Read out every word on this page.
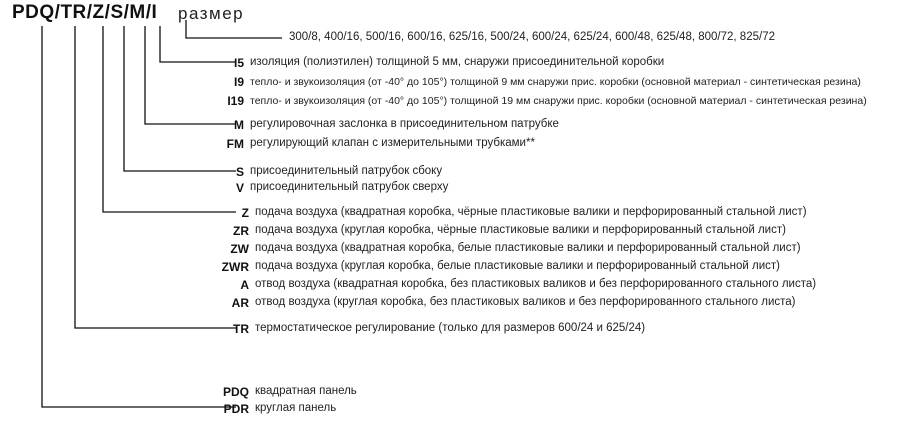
PDQ/TR/Z/S/M/I размер
300/8, 400/16, 500/16, 600/16, 625/16, 500/24, 600/24, 625/24, 600/48, 625/48, 800/72, 825/72
I5 изоляция (полиэтилен) толщиной 5 мм, снаружи присоединительной коробки
I9 тепло- и звукоизоляция (от -40° до 105°) толщиной 9 мм снаружи прис. коробки (основной материал - синтетическая резина)
I19 тепло- и звукоизоляция (от -40° до 105°) толщиной 19 мм снаружи прис. коробки (основной материал - синтетическая резина)
M регулировочная заслонка в присоединительном патрубке
FM регулирующий клапан с измерительными трубками**
S присоединительный патрубок сбоку
V присоединительный патрубок сверху
Z подача воздуха (квадратная коробка, чёрные пластиковые валики и перфорированный стальной лист)
ZR подача воздуха (круглая коробка, чёрные пластиковые валики и перфорированный стальной лист)
ZW подача воздуха (квадратная коробка, белые пластиковые валики и перфорированный стальной лист)
ZWR подача воздуха (круглая коробка, белые пластиковые валики и перфорированный стальной лист)
A отвод воздуха (квадратная коробка, без пластиковых валиков и без перфорированного стального листа)
AR отвод воздуха (круглая коробка, без пластиковых валиков и без перфорированного стального листа)
TR термостатическое регулирование (только для размеров 600/24 и 625/24)
PDQ квадратная панель
PDR круглая панель
